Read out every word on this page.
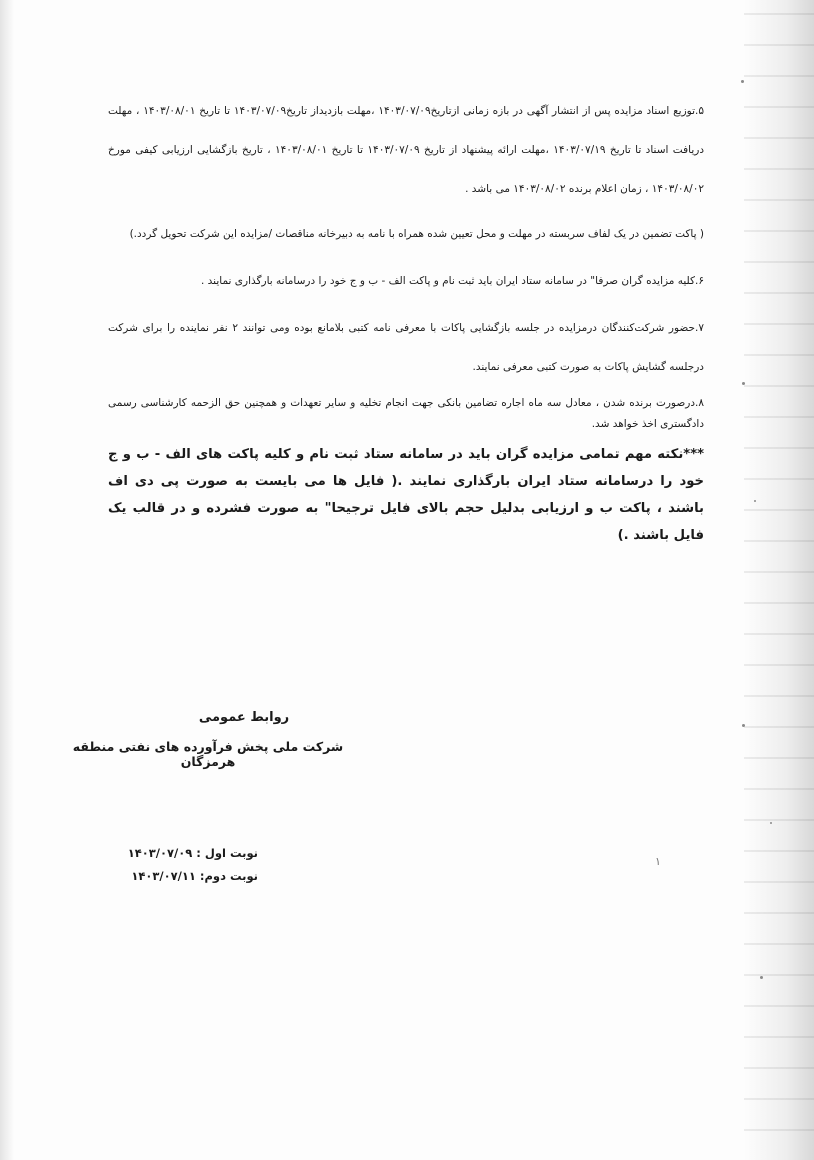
۵.توزیع اسناد مزایده پس از انتشار آگهی در بازه زمانی ازتاریخ۱۴۰۳/۰۷/۰۹ ،مهلت بازدیداز تاریخ۱۴۰۳/۰۷/۰۹ تا تاریخ ۱۴۰۳/۰۸/۰۱ ، مهلت دریافت اسناد تا تاریخ ۱۴۰۳/۰۷/۱۹ ،مهلت ارائه پیشنهاد از تاریخ ۱۴۰۳/۰۷/۰۹ تا تاریخ ۱۴۰۳/۰۸/۰۱ ، تاریخ بازگشایی ارزیابی کیفی مورخ ۱۴۰۳/۰۸/۰۲ ، زمان اعلام برنده ۱۴۰۳/۰۸/۰۲ می باشد .

( پاکت تضمین در یک لفاف سربسته در مهلت و محل تعیین شده همراه با نامه به دبیرخانه مناقصات /مزایده این شرکت تحویل گردد.)

۶.کلیه مزایده گران صرفا" در سامانه ستاد ایران باید ثبت نام و پاکت الف - ب و ج خود را درسامانه بارگذاری نمایند .

۷.حضور شرکت‌کنندگان درمزایده در جلسه بازگشایی پاکات با معرفی نامه کتبی بلامانع بوده ومی توانند ۲ نفر نماینده را برای شرکت درجلسه گشایش پاکات به صورت کتبی معرفی نمایند.

۸.درصورت برنده شدن ، معادل سه ماه اجاره تضامین بانکی جهت انجام تخلیه و سایر تعهدات و همچنین حق الزحمه کارشناسی رسمی دادگستری اخذ خواهد شد.

***نکته مهم تمامی مزایده گران باید در سامانه ستاد ثبت نام و کلیه پاکت های الف - ب و ج خود را درسامانه ستاد ایران بارگذاری نمایند .( فایل ها می بایست به صورت پی دی اف باشند ، پاکت ب و ارزیابی بدلیل حجم بالای فایل ترجیحا" به صورت فشرده و در قالب یک فایل باشند .)

روابط عمومی
شرکت ملی پخش فرآورده های نفتی منطقه هرمزگان
نوبت اول : ۱۴۰۳/۰۷/۰۹
نوبت دوم: ۱۴۰۳/۰۷/۱۱
۱
